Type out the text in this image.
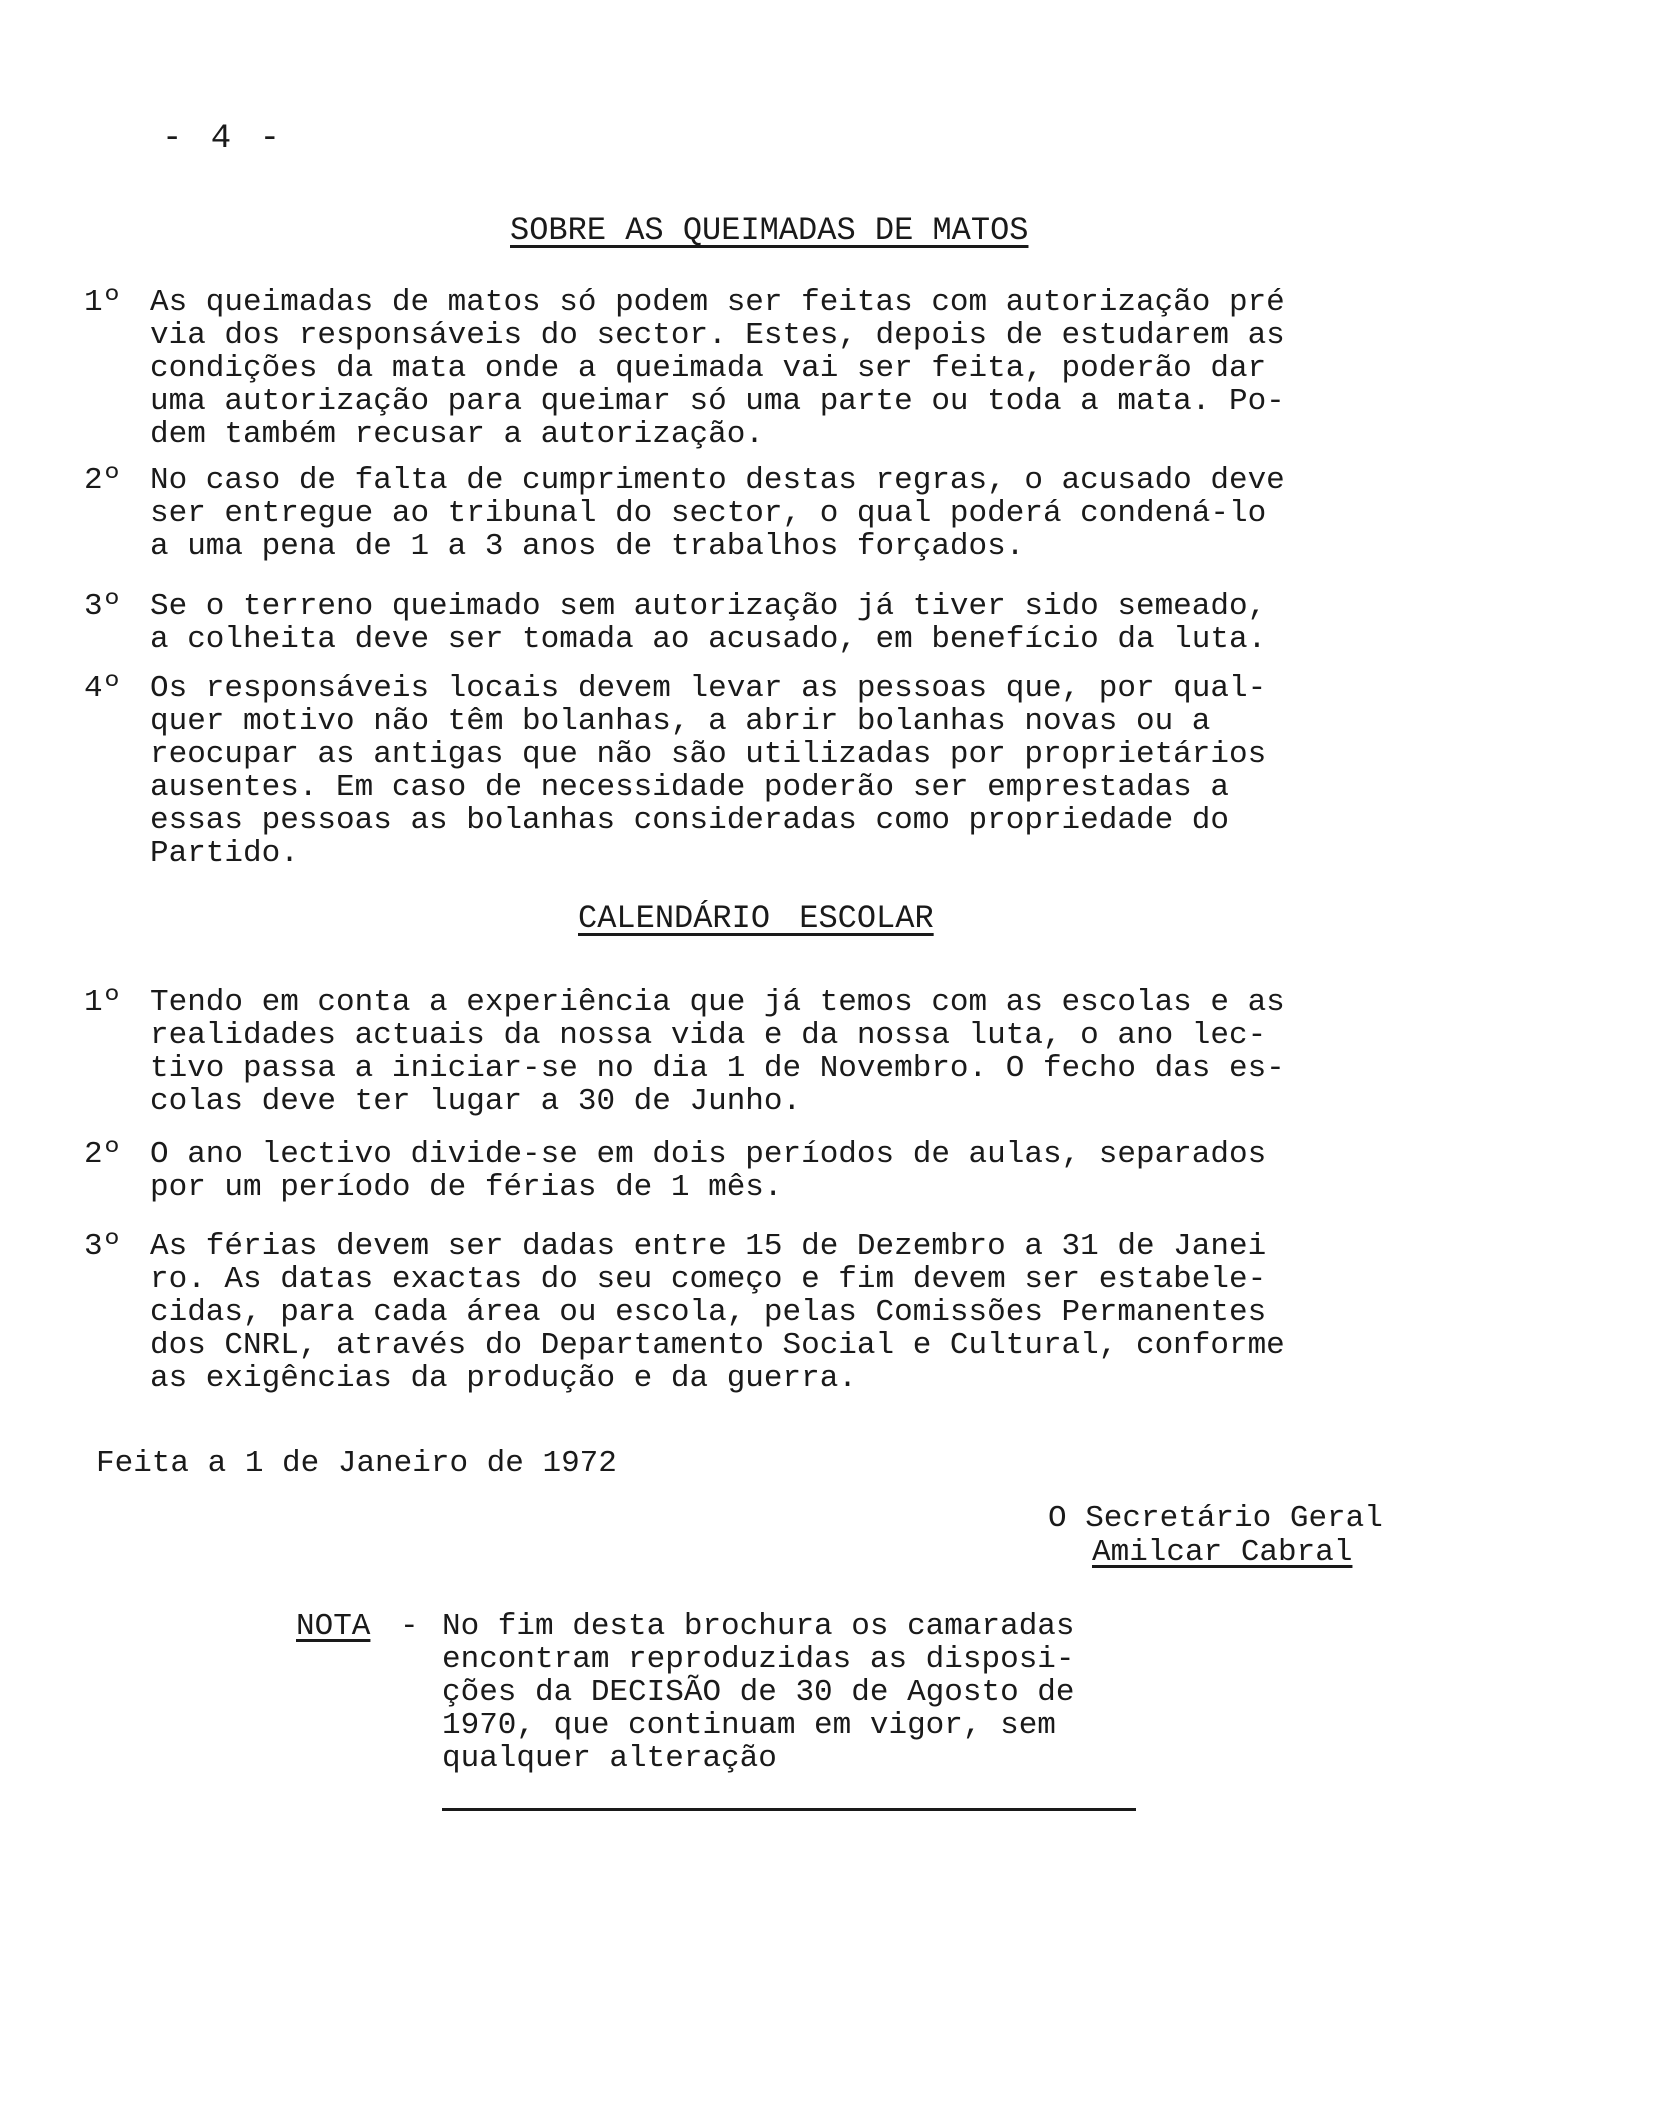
- 4 -
SOBRE AS QUEIMADAS DE MATOS
1º As queimadas de matos só podem ser feitas com autorização pré
via dos responsáveis do sector. Estes, depois de estudarem as
condições da mata onde a queimada vai ser feita, poderão dar
uma autorização para queimar só uma parte ou toda a mata. Po-
dem também recusar a autorização.
2º No caso de falta de cumprimento destas regras, o acusado deve
ser entregue ao tribunal do sector, o qual poderá condená-lo
a uma pena de 1 a 3 anos de trabalhos forçados.
3º Se o terreno queimado sem autorização já tiver sido semeado,
a colheita deve ser tomada ao acusado, em benefício da luta.
4º Os responsáveis locais devem levar as pessoas que, por qual-
quer motivo não têm bolanhas, a abrir bolanhas novas ou a
reocupar as antigas que não são utilizadas por proprietários
ausentes. Em caso de necessidade poderão ser emprestadas a
essas pessoas as bolanhas consideradas como propriedade do
Partido.
CALENDÁRIO ESCOLAR
1º Tendo em conta a experiência que já temos com as escolas e as
realidades actuais da nossa vida e da nossa luta, o ano lec-
tivo passa a iniciar-se no dia 1 de Novembro. O fecho das es-
colas deve ter lugar a 30 de Junho.
2º O ano lectivo divide-se em dois períodos de aulas, separados
por um período de férias de 1 mês.
3º As férias devem ser dadas entre 15 de Dezembro a 31 de Janei
ro. As datas exactas do seu começo e fim devem ser estabele-
cidas, para cada área ou escola, pelas Comissões Permanentes
dos CNRL, através do Departamento Social e Cultural, conforme
as exigências da produção e da guerra.
Feita a 1 de Janeiro de 1972
O Secretário Geral
Amilcar Cabral
NOTA - No fim desta brochura os camaradas
encontram reproduzidas as disposi-
ções da DECISÃO de 30 de Agosto de
1970, que continuam em vigor, sem
qualquer alteração
